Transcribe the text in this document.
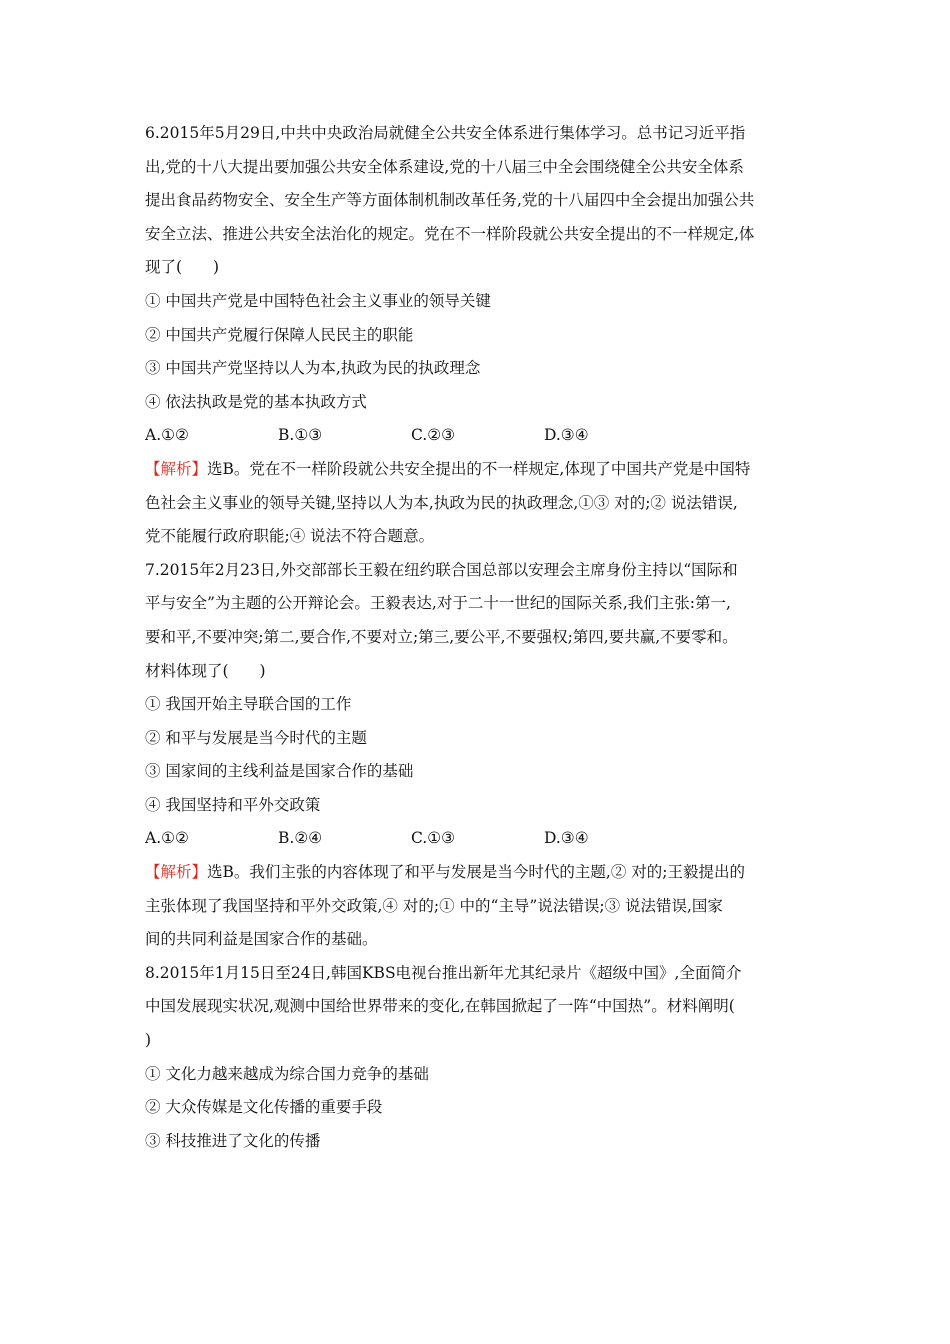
6.2015年5月29日,中共中央政治局就健全公共安全体系进行集体学习。总书记习近平指
出,党的十八大提出要加强公共安全体系建设,党的十八届三中全会围绕健全公共安全体系
提出食品药物安全、安全生产等方面体制机制改革任务,党的十八届四中全会提出加强公共
安全立法、推进公共安全法治化的规定。党在不一样阶段就公共安全提出的不一样规定,体
现了(　　)
① 中国共产党是中国特色社会主义事业的领导关键
② 中国共产党履行保障人民民主的职能
③ 中国共产党坚持以人为本,执政为民的执政理念
④ 依法执政是党的基本执政方式
A.①②	B.①③	C.②③	D.③④
【解析】选B。党在不一样阶段就公共安全提出的不一样规定,体现了中国共产党是中国特
色社会主义事业的领导关键,坚持以人为本,执政为民的执政理念,①③ 对的;② 说法错误,
党不能履行政府职能;④ 说法不符合题意。
7.2015年2月23日,外交部部长王毅在纽约联合国总部以安理会主席身份主持以“国际和
平与安全”为主题的公开辩论会。王毅表达,对于二十一世纪的国际关系,我们主张:第一,
要和平,不要冲突;第二,要合作,不要对立;第三,要公平,不要强权;第四,要共赢,不要零和。
材料体现了(　　)
① 我国开始主导联合国的工作
② 和平与发展是当今时代的主题
③ 国家间的主线利益是国家合作的基础
④ 我国坚持和平外交政策
A.①②	B.②④	C.①③	D.③④
【解析】选B。我们主张的内容体现了和平与发展是当今时代的主题,② 对的;王毅提出的
主张体现了我国坚持和平外交政策,④ 对的;① 中的“主导”说法错误;③ 说法错误,国家
间的共同利益是国家合作的基础。
8.2015年1月15日至24日,韩国KBS电视台推出新年尤其纪录片《超级中国》,全面简介
中国发展现实状况,观测中国给世界带来的变化,在韩国掀起了一阵“中国热”。材料阐明(
)
① 文化力越来越成为综合国力竞争的基础
② 大众传媒是文化传播的重要手段
③ 科技推进了文化的传播
